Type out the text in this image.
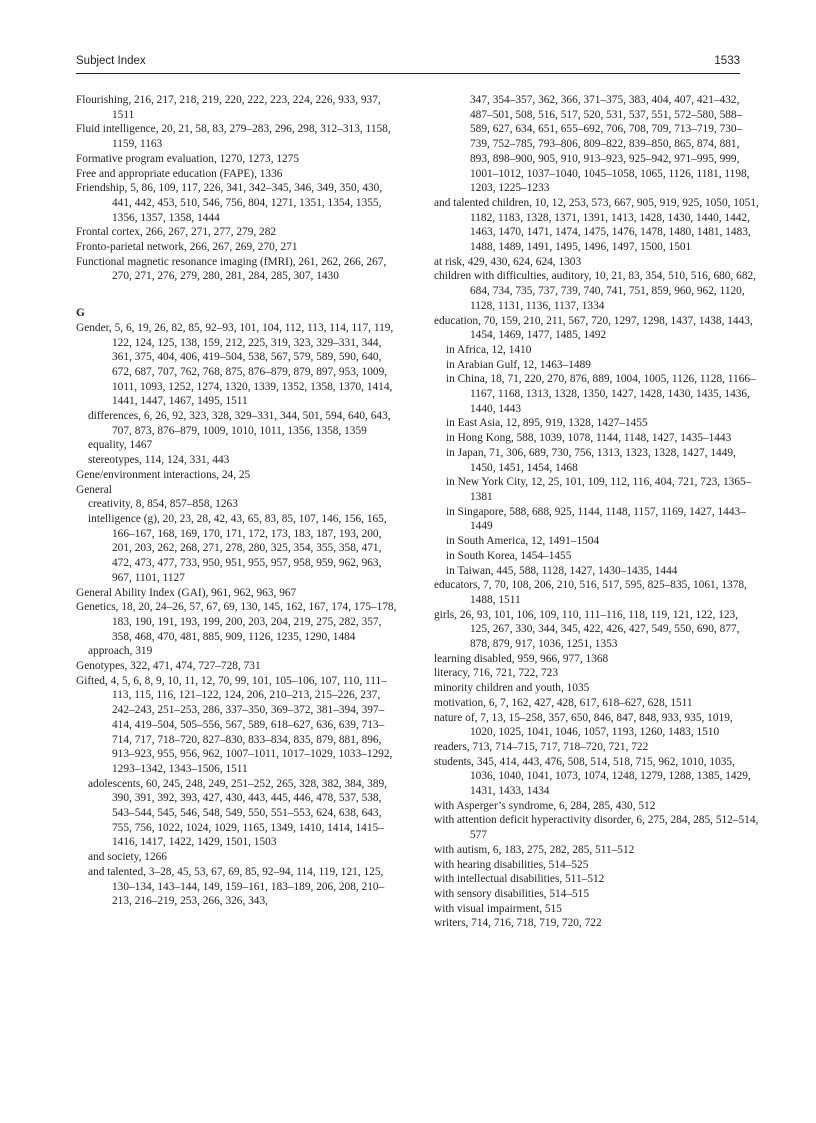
Subject Index	1533
Flourishing, 216, 217, 218, 219, 220, 222, 223, 224, 226, 933, 937, 1511
Fluid intelligence, 20, 21, 58, 83, 279–283, 296, 298, 312–313, 1158, 1159, 1163
Formative program evaluation, 1270, 1273, 1275
Free and appropriate education (FAPE), 1336
Friendship, 5, 86, 109, 117, 226, 341, 342–345, 346, 349, 350, 430, 441, 442, 453, 510, 546, 756, 804, 1271, 1351, 1354, 1355, 1356, 1357, 1358, 1444
Frontal cortex, 266, 267, 271, 277, 279, 282
Fronto-parietal network, 266, 267, 269, 270, 271
Functional magnetic resonance imaging (fMRI), 261, 262, 266, 267, 270, 271, 276, 279, 280, 281, 284, 285, 307, 1430
G
Gender, 5, 6, 19, 26, 82, 85, 92–93, 101, 104, 112, 113, 114, 117, 119, 122, 124, 125, 138, 159, 212, 225, 319, 323, 329–331, 344, 361, 375, 404, 406, 419–504, 538, 567, 579, 589, 590, 640, 672, 687, 707, 762, 768, 875, 876–879, 879, 897, 953, 1009, 1011, 1093, 1252, 1274, 1320, 1339, 1352, 1358, 1370, 1414, 1441, 1447, 1467, 1495, 1511
differences, 6, 26, 92, 323, 328, 329–331, 344, 501, 594, 640, 643, 707, 873, 876–879, 1009, 1010, 1011, 1356, 1358, 1359
equality, 1467
stereotypes, 114, 124, 331, 443
Gene/environment interactions, 24, 25
General
creativity, 8, 854, 857–858, 1263
intelligence (g), 20, 23, 28, 42, 43, 65, 83, 85, 107, 146, 156, 165, 166–167, 168, 169, 170, 171, 172, 173, 183, 187, 193, 200, 201, 203, 262, 268, 271, 278, 280, 325, 354, 355, 358, 471, 472, 473, 477, 733, 950, 951, 955, 957, 958, 959, 962, 963, 967, 1101, 1127
General Ability Index (GAI), 961, 962, 963, 967
Genetics, 18, 20, 24–26, 57, 67, 69, 130, 145, 162, 167, 174, 175–178, 183, 190, 191, 193, 199, 200, 203, 204, 219, 275, 282, 357, 358, 468, 470, 481, 885, 909, 1126, 1235, 1290, 1484
approach, 319
Genotypes, 322, 471, 474, 727–728, 731
Gifted, 4, 5, 6, 8, 9, 10, 11, 12, 70, 99, 101, 105–106, 107, 110, 111–113, 115, 116, 121–122, 124, 206, 210–213, 215–226, 237, 242–243, 251–253, 286, 337–350, 369–372, 381–394, 397–414, 419–504, 505–556, 567, 589, 618–627, 636, 639, 713–714, 717, 718–720, 827–830, 833–834, 835, 879, 881, 896, 913–923, 955, 956, 962, 1007–1011, 1017–1029, 1033–1292, 1293–1342, 1343–1506, 1511
adolescents, 60, 245, 248, 249, 251–252, 265, 328, 382, 384, 389, 390, 391, 392, 393, 427, 430, 443, 445, 446, 478, 537, 538, 543–544, 545, 546, 548, 549, 550, 551–553, 624, 638, 643, 755, 756, 1022, 1024, 1029, 1165, 1349, 1410, 1414, 1415–1416, 1417, 1422, 1429, 1501, 1503
and society, 1266
and talented, 3–28, 45, 53, 67, 69, 85, 92–94, 114, 119, 121, 125, 130–134, 143–144, 149, 159–161, 183–189, 206, 208, 210–213, 216–219, 253, 266, 326, 343,
347, 354–357, 362, 366, 371–375, 383, 404, 407, 421–432, 487–501, 508, 516, 517, 520, 531, 537, 551, 572–580, 588–589, 627, 634, 651, 655–692, 706, 708, 709, 713–719, 730–739, 752–785, 793–806, 809–822, 839–850, 865, 874, 881, 893, 898–900, 905, 910, 913–923, 925–942, 971–995, 999, 1001–1012, 1037–1040, 1045–1058, 1065, 1126, 1181, 1198, 1203, 1225–1233
and talented children, 10, 12, 253, 573, 667, 905, 919, 925, 1050, 1051, 1182, 1183, 1328, 1371, 1391, 1413, 1428, 1430, 1440, 1442, 1463, 1470, 1471, 1474, 1475, 1476, 1478, 1480, 1481, 1483, 1488, 1489, 1491, 1495, 1496, 1497, 1500, 1501
at risk, 429, 430, 624, 624, 1303
children with difficulties, auditory, 10, 21, 83, 354, 510, 516, 680, 682, 684, 734, 735, 737, 739, 740, 741, 751, 859, 960, 962, 1120, 1128, 1131, 1136, 1137, 1334
education, 70, 159, 210, 211, 567, 720, 1297, 1298, 1437, 1438, 1443, 1454, 1469, 1477, 1485, 1492
in Africa, 12, 1410
in Arabian Gulf, 12, 1463–1489
in China, 18, 71, 220, 270, 876, 889, 1004, 1005, 1126, 1128, 1166–1167, 1168, 1313, 1328, 1350, 1427, 1428, 1430, 1435, 1436, 1440, 1443
in East Asia, 12, 895, 919, 1328, 1427–1455
in Hong Kong, 588, 1039, 1078, 1144, 1148, 1427, 1435–1443
in Japan, 71, 306, 689, 730, 756, 1313, 1323, 1328, 1427, 1449, 1450, 1451, 1454, 1468
in New York City, 12, 25, 101, 109, 112, 116, 404, 721, 723, 1365–1381
in Singapore, 588, 688, 925, 1144, 1148, 1157, 1169, 1427, 1443–1449
in South America, 12, 1491–1504
in South Korea, 1454–1455
in Taiwan, 445, 588, 1128, 1427, 1430–1435, 1444
educators, 7, 70, 108, 206, 210, 516, 517, 595, 825–835, 1061, 1378, 1488, 1511
girls, 26, 93, 101, 106, 109, 110, 111–116, 118, 119, 121, 122, 123, 125, 267, 330, 344, 345, 422, 426, 427, 549, 550, 690, 877, 878, 879, 917, 1036, 1251, 1353
learning disabled, 959, 966, 977, 1368
literacy, 716, 721, 722, 723
minority children and youth, 1035
motivation, 6, 7, 162, 427, 428, 617, 618–627, 628, 1511
nature of, 7, 13, 15–258, 357, 650, 846, 847, 848, 933, 935, 1019, 1020, 1025, 1041, 1046, 1057, 1193, 1260, 1483, 1510
readers, 713, 714–715, 717, 718–720, 721, 722
students, 345, 414, 443, 476, 508, 514, 518, 715, 962, 1010, 1035, 1036, 1040, 1041, 1073, 1074, 1248, 1279, 1288, 1385, 1429, 1431, 1433, 1434
with Asperger’s syndrome, 6, 284, 285, 430, 512
with attention deficit hyperactivity disorder, 6, 275, 284, 285, 512–514, 577
with autism, 6, 183, 275, 282, 285, 511–512
with hearing disabilities, 514–525
with intellectual disabilities, 511–512
with sensory disabilities, 514–515
with visual impairment, 515
writers, 714, 716, 718, 719, 720, 722
